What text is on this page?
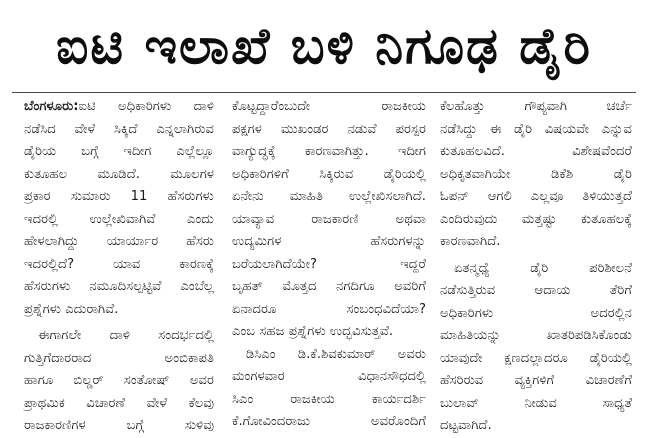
ಐಟಿ ಇಲಾಖೆ ಬಳಿ ನಿಗೂಢ ಡೈರಿ
ಬೆಂಗಳೂರು:ಐಟಿ ಅಧಿಕಾರಿಗಳು ದಾಳಿ
ನಡೆಸಿದ ವೇಳೆ ಸಿಕ್ಕಿದೆ ಎನ್ನಲಾಗಿರುವ
ಡೈರಿಯ ಬಗ್ಗೆ ಇದೀಗ ಎಲ್ಲೆಲ್ಲೂ
ಕುತೂಹಲ ಮೂಡಿದೆ. ಮೂಲಗಳ
ಪ್ರಕಾರ ಸುಮಾರು 11 ಹೆಸರುಗಳು
ಇದರಲ್ಲಿ ಉಲ್ಲೇಖಿವಾಗಿವೆ ಎಂದು
ಹೇಳಲಾಗಿದ್ದು ಯಾರ್ಯಾರ ಹೆಸರು
ಇದರಲ್ಲಿದೆ? ಯಾವ ಕಾರಣಕ್ಕೆ
ಹೆಸರುಗಳು ನಮೂದಿಸಲ್ಪಟ್ಟಿವೆ ಎಂಬೆಲ್ಲ
ಪ್ರಶ್ನೆಗಳು ಎದುರಾಗಿವೆ.
ಈಗಾಗಲೇ ದಾಳಿ ಸಂದರ್ಭದಲ್ಲಿ
ಗುತ್ತಿಗೆದಾರರಾದ ಅಂಬಿಕಾಪತಿ
ಹಾಗೂ ಬಿಲ್ಡರ್ ಸಂತೋಷ್ ಅವರ
ಪ್ರಾಥಮಿಕ ವಿಚಾರಣೆ ವೇಳೆ ಕೆಲವು
ರಾಜಕಾರಣಿಗಳ ಬಗ್ಗೆ ಸುಳಿವು
ಕೊಟ್ಟದ್ದಾರೆಂಬುದೇ ರಾಜಕೀಯ
ಪಕ್ಷಗಳ ಮುಖಂಡರ ನಡುವೆ ಪರಸ್ಪರ
ವಾಗ್ಯುದ್ಧಕ್ಕೆ ಕಾರಣವಾಗಿತ್ತು. ಇದೀಗ
ಅಧಿಕಾರಿಗಳಿಗೆ ಸಿಕ್ಕಿರುವ ಡೈರಿಯಲ್ಲಿ
ಏನೇನು ಮಾಹಿತಿ ಉಲ್ಲೇಖಿಸಲಾಗಿದೆ.
ಯಾವ್ಯಾವ ರಾಜಕಾರಣಿ ಅಥವಾ
ಉದ್ಯಮಿಗಳ ಹೆಸರುಗಳನ್ನು
ಬರೆಯಲಾಗಿದೆಯೇ? ಇದ್ದರೆ
ಬೃಹತ್ ಮೊತ್ತದ ನಗದಿಗೂ ಅವರಿಗೆ
ಏನಾದರೂ ಸಂಬಂಧವಿದೆಯಾ?
ಎಂಬ ಸಹಜ ಪ್ರಶ್ನೆಗಳು ಉದ್ಭವಿಸುತ್ತವೆ.
ಡಿಸಿಎಂ ಡಿ.ಕೆ.ಶಿವಕುಮಾರ್ ಅವರು
ಮಂಗಳವಾರ ವಿಧಾನಸೌಧದಲ್ಲಿ
ಸಿಎಂ ರಾಜಕೀಯ ಕಾರ್ಯದರ್ಶಿ
ಕೆ.ಗೋವಿಂದರಾಜು ಅವರೊಂದಿಗೆ
ಕೆಲಹೊತ್ತು ಗೌಪ್ಯವಾಗಿ ಚರ್ಚೆ
ನಡೆಸಿದ್ದು ಈ ಡೈರಿ ವಿಷಯವೇ ಎನ್ನುವ
ಕುತೂಹಲವಿದೆ. ವಿಶೇಷವೆಂದರೆ
ಅಧಿಕೃತವಾಗಿಯೇ ಡಿಕೆಶಿ ಡೈರಿ
ಓಪನ್ ಆಗಲಿ ಎಲ್ಲವೂ ತಿಳಿಯುತ್ತದೆ
ಎಂದಿರುವುದು ಮತ್ತಷ್ಟು ಕುತೂಹಲಕ್ಕೆ
ಕಾರಣವಾಗಿದೆ.
ಏತನ್ಮಧ್ಯೆ ಡೈರಿ ಪರಿಶೀಲನೆ
ನಡೆಸುತ್ತಿರುವ ಆದಾಯ ತೆರಿಗೆ
ಅಧಿಕಾರಿಗಳು ಅದರಲ್ಲಿನ
ಮಾಹಿತಿಯನ್ನು ಖಾತರಿಪಡಿಸಿಕೊಂಡು
ಯಾವುದೇ ಕ್ಷಣದಲ್ಲಾದರೂ ಡೈರಿಯಲ್ಲಿ
ಹೆಸರಿರುವ ವ್ಯಕ್ತಿಗಳಿಗೆ ವಿಚಾರಣೆಗೆ
ಬುಲಾವ್ ನೀಡುವ ಸಾಧ್ಯತೆ
ದಟ್ಟವಾಗಿದೆ.
